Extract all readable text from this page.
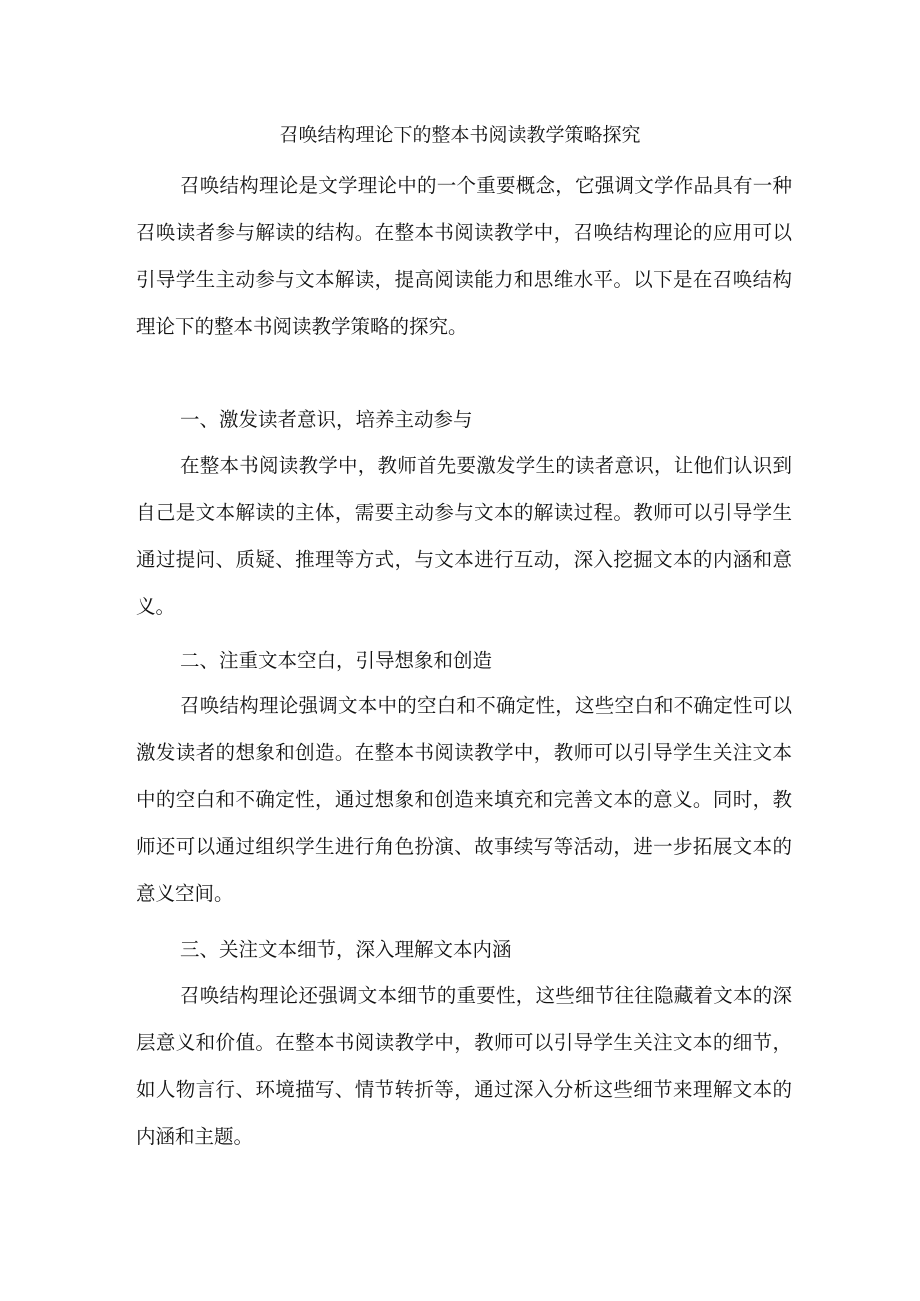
召唤结构理论下的整本书阅读教学策略探究

召唤结构理论是文学理论中的一个重要概念，它强调文学作品具有一种召唤读者参与解读的结构。在整本书阅读教学中，召唤结构理论的应用可以引导学生主动参与文本解读，提高阅读能力和思维水平。以下是在召唤结构理论下的整本书阅读教学策略的探究。

一、激发读者意识，培养主动参与

在整本书阅读教学中，教师首先要激发学生的读者意识，让他们认识到自己是文本解读的主体，需要主动参与文本的解读过程。教师可以引导学生通过提问、质疑、推理等方式，与文本进行互动，深入挖掘文本的内涵和意义。

二、注重文本空白，引导想象和创造

召唤结构理论强调文本中的空白和不确定性，这些空白和不确定性可以激发读者的想象和创造。在整本书阅读教学中，教师可以引导学生关注文本中的空白和不确定性，通过想象和创造来填充和完善文本的意义。同时，教师还可以通过组织学生进行角色扮演、故事续写等活动，进一步拓展文本的意义空间。

三、关注文本细节，深入理解文本内涵

召唤结构理论还强调文本细节的重要性，这些细节往往隐藏着文本的深层意义和价值。在整本书阅读教学中，教师可以引导学生关注文本的细节，如人物言行、环境描写、情节转折等，通过深入分析这些细节来理解文本的内涵和主题。
